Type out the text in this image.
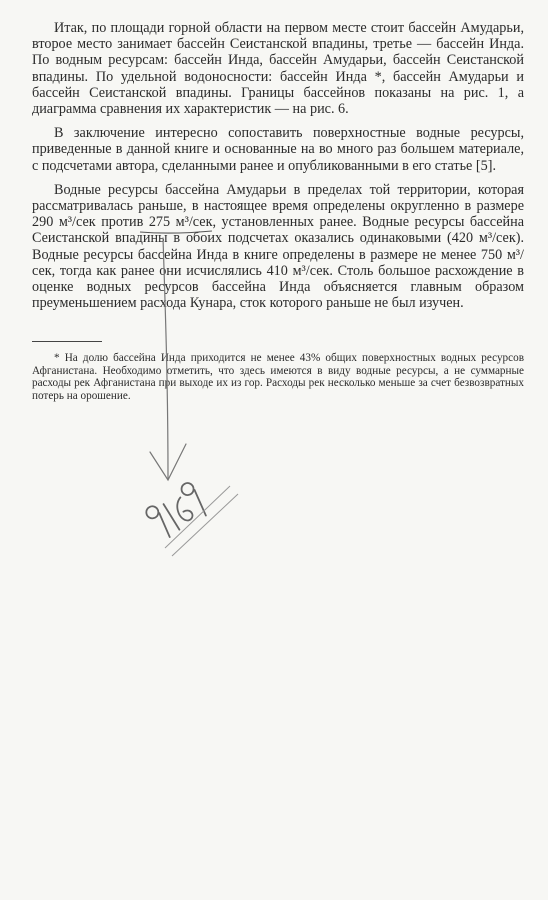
Итак, по площади горной области на первом месте стоит бассейн Амударьи, второе место занимает бассейн Сеистанской впадины, третье — бассейн Инда. По водным ресурсам: бассейн Инда, бассейн Амударьи, бассейн Сеистанской впадины. По удельной водоносности: бассейн Инда *, бассейн Амударьи и бассейн Сеистанской впадины. Границы бассейнов показаны на рис. 1, а диаграмма сравнения их характеристик — на рис. 6.

В заключение интересно сопоставить поверхностные водные ресурсы, приведенные в данной книге и основанные на во много раз большем материале, с подсчетами автора, сделанными ранее и опубликованными в его статье [5].

Водные ресурсы бассейна Амударьи в пределах той территории, которая рассматривалась раньше, в настоящее время определены округленно в размере 290 м³/сек против 275 м³/сек, установленных ранее. Водные ресурсы бассейна Сеистанской впадины в обоих подсчетах оказались одинаковыми (420 м³/сек). Водные ресурсы бассейна Инда в книге определены в размере не менее 750 м³/сек, тогда как ранее они исчислялись 410 м³/сек. Столь большое расхождение в оценке водных ресурсов бассейна Инда объясняется главным образом преуменьшением расхода Кунара, сток которого раньше не был изучен.

* На долю бассейна Инда приходится не менее 43% общих поверхностных водных ресурсов Афганистана. Необходимо отметить, что здесь имеются в виду водные ресурсы, а не суммарные расходы рек Афганистана при выходе их из гор. Расходы рек несколько меньше за счет безвозвратных потерь на орошение.
